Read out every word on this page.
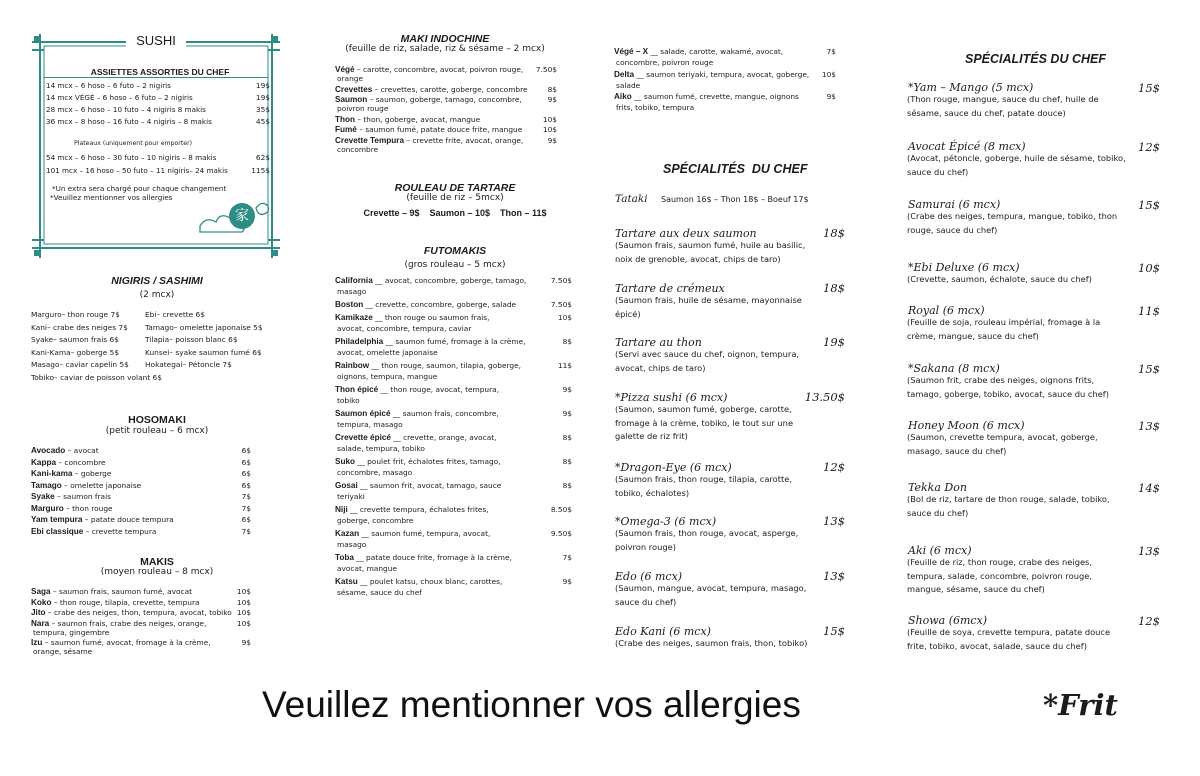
家
SUSHI
ASSIETTES ASSORTIES DU CHEF
Plateaux (uniquement pour emporter)
*Un extra sera chargé pour chaque changement
*Veuillez mentionner vos allergies
14 mcx – 6 hoso – 6 futo – 2 nigiris	19$
14 mcx VÉGÉ – 6 hoso – 6 futo – 2 nigiris	19$
28 mcx – 6 hoso – 10 futo – 4 nigiris 8 makis	35$
36 mcx – 8 hoso – 16 futo – 4 nigiris – 8 makis	45$
54 mcx – 6 hoso – 30 futo – 10 nigiris – 8 makis	62$
101 mcx – 16 hoso – 50 futo – 11 nigiris– 24 makis	115$
NIGIRIS / SASHIMI
(2 mcx)
HOSOMAKI
(petit rouleau – 6 mcx)
MAKIS
(moyen rouleau – 8 mcx)
MAKI INDOCHINE
(feuille de riz, salade, riz & sésame – 2 mcx)
ROULEAU DE TARTARE
(feuille de riz – 5mcx)
Crevette – 9$    Saumon – 10$    Thon – 11$
FUTOMAKIS
(gros rouleau – 5 mcx)
SPÉCIALITÉS  DU CHEF
Tataki Saumon 16$ – Thon 18$ – Boeuf 17$
SPÉCIALITÉS DU CHEF
Veuillez mentionner vos allergies	*Frit
Marguro– thon rouge 7$
Kani– crabe des neiges 7$
Syake– saumon frais 6$
Kani-Kama– goberge 5$
Masago– caviar capelin 5$
Tobiko– caviar de poisson volant 6$
Ebi– crevette 6$
Tamago– omelette japonaise 5$
Tilapia– poisson blanc 6$
Kunsei– syake saumon fumé 6$
Hokategai– Pétoncle 7$
Avocado – avocat	6$
Kappa – concombre	6$
Kani-kama – goberge	6$
Tamago – omelette japonaise	6$
Syake – saumon frais	7$
Marguro – thon rouge	7$
Yam tempura – patate douce tempura	6$
Ebi classique – crevette tempura	7$
Saga – saumon frais, saumon fumé, avocat	10$
Koko – thon rouge, tilapia, crevette, tempura	10$
Jito – crabe des neiges, thon, tempura, avocat, tobiko 10$
Nara – saumon frais, crabe des neiges, orange,	10$
tempura, gingembre
Izu – saumon fumé, avocat, fromage à la crème,	9$
orange, sésame
Végé – carotte, concombre, avocat, poivron rouge,	7.50$
orange
Crevettes – crevettes, carotte, goberge, concombre	8$
Saumon – saumon, goberge, tamago, concombre,	9$
poivron rouge
Thon – thon, goberge, avocat, mangue	10$
Fumé – saumon fumé, patate douce frite, mangue	10$
Crevette Tempura – crevette frite, avocat, orange,	9$
concombre
California __ avocat, concombre, goberge, tamago,	7.50$
masago
Boston __ crevette, concombre, goberge, salade	7.50$
Kamikaze __ thon rouge ou saumon frais,	10$
avocat, concombre, tempura, caviar
Philadelphia __ saumon fumé, fromage à la crème,	8$
avocat, omelette japonaise
Rainbow __ thon rouge, saumon, tilapia, goberge,	11$
oignons, tempura, mangue
Thon épicé __ thon rouge, avocat, tempura,	9$
tobiko
Saumon épicé __ saumon frais, concombre,	9$
tempura, masago
Crevette épicé __ crevette, orange, avocat,	8$
salade, tempura, tobiko
Suko __ poulet frit, échalotes frites, tamago,	8$
concombre, masago
Gosai __ saumon frit, avocat, tamago, sauce	8$
teriyaki
Niji __ crevette tempura, échalotes frites,	8.50$
goberge, concombre
Kazan __ saumon fumé, tempura, avocat,	9.50$
masago
Toba __ patate douce frite, fromage à la crème,	7$
avocat, mangue
Katsu __ poulet katsu, choux blanc, carottes,	9$
sésame, sauce du chef
Végé – X __ salade, carotte, wakamé, avocat,	7$
concombre, poivron rouge
Delta __ saumon teriyaki, tempura, avocat, goberge,	10$
salade
Aiko __ saumon fumé, crevette, mangue, oignons	9$
frits, tobiko, tempura
Tartare aux deux saumon	18$
(Saumon frais, saumon fumé, huile au basilic, noix de grenoble, avocat, chips de taro)
Tartare de crémeux	18$
(Saumon frais, huile de sésame, mayonnaise épicé)
Tartare au thon	19$
(Servi avec sauce du chef, oignon, tempura, avocat, chips de taro)
*Pizza sushi (6 mcx)	13.50$
(Saumon, saumon fumé, goberge, carotte, fromage à la crème, tobiko, le tout sur une galette de riz frit)
*Dragon-Eye (6 mcx)	12$
(Saumon frais, thon rouge, tilapia, carotte, tobiko, échalotes)
*Omega-3 (6 mcx)	13$
(Saumon frais, thon rouge, avocat, asperge, poivron rouge)
Edo (6 mcx)	13$
(Saumon, mangue, avocat, tempura, masago, sauce du chef)
Edo Kani (6 mcx)	15$
(Crabe des neiges, saumon frais, thon, tobiko)
*Yam – Mango (5 mcx)	15$
(Thon rouge, mangue, sauce du chef, huile de sésame, sauce du chef, patate douce)
Avocat Épicé (8 mcx)	12$
(Avocat, pétoncle, goberge, huile de sésame, tobiko, sauce du chef)
Samurai (6 mcx)	15$
(Crabe des neiges, tempura, mangue, tobiko, thon rouge, sauce du chef)
*Ebi Deluxe (6 mcx)	10$
(Crevette, saumon, échalote, sauce du chef)
Royal (6 mcx)	11$
(Feuille de soja, rouleau impérial, fromage à la crème, mangue, sauce du chef)
*Sakana (8 mcx)	15$
(Saumon frit, crabe des neiges, oignons frits, tamago, goberge, tobiko, avocat, sauce du chef)
Honey Moon (6 mcx)	13$
(Saumon, crevette tempura, avocat, goberge, masago, sauce du chef)
Tekka Don	14$
(Bol de riz, tartare de thon rouge, salade, tobiko, sauce du chef)
Aki (6 mcx)	13$
(Feuille de riz, thon rouge, crabe des neiges, tempura, salade, concombre, poivron rouge, mangue, sésame, sauce du chef)
Showa (6mcx)	12$
(Feuille de soya, crevette tempura, patate douce frite, tobiko, avocat, salade, sauce du chef)
